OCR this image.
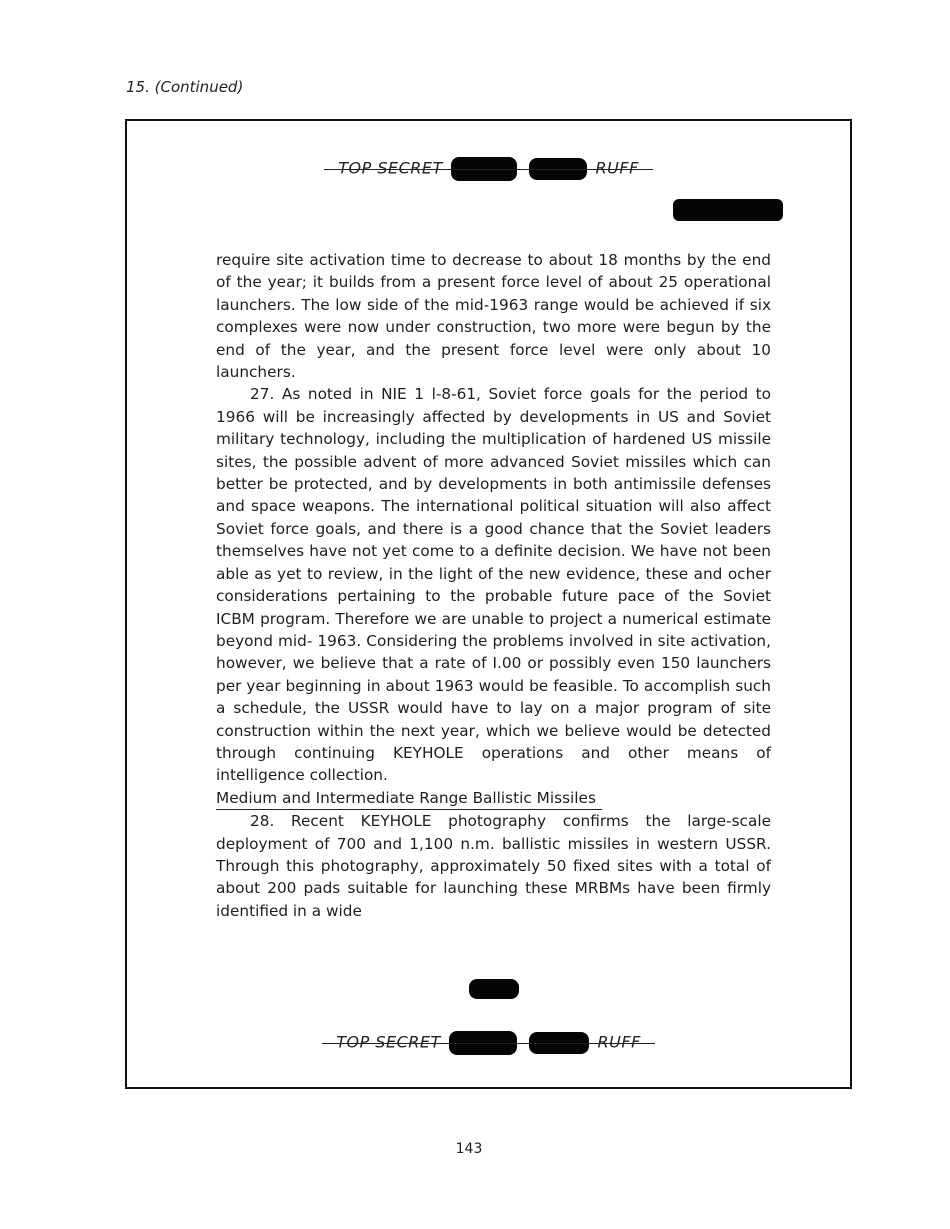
15. (Continued)
TOP SECRET	RUFF
TOP SECRET	RUFF

require site activation time to decrease to about 18 months by the end of the year; it builds from a present force level of about 25 operational launchers. The low side of the mid-1963 range would be achieved if six complexes were now under construction, two more were begun by the end of the year, and the present force level were only about 10 launchers.

27. As noted in NIE 1 l-8-61, Soviet force goals for the period to 1966 will be increasingly affected by developments in US and Soviet military technology, including the multiplication of hardened US missile sites, the possible advent of more advanced Soviet missiles which can better be protected, and by developments in both antimissile defenses and space weapons. The international political situation will also affect Soviet force goals, and there is a good chance that the Soviet leaders themselves have not yet come to a definite decision. We have not been able as yet to review, in the light of the new evidence, these and ocher considerations pertaining to the probable future pace of the Soviet ICBM program. Therefore we are unable to project a numerical estimate beyond mid- 1963. Considering the problems involved in site activation, however, we believe that a rate of I.00 or possibly even 150 launchers per year beginning in about 1963 would be feasible. To accomplish such a schedule, the USSR would have to lay on a major program of site construction within the next year, which we believe would be detected through continuing KEYHOLE operations and other means of intelligence collection.

Medium and Intermediate Range Ballistic Missiles

28. Recent KEYHOLE photography confirms the large-scale deployment of 700 and 1,100 n.m. ballistic missiles in western USSR. Through this photography, approximately 50 fixed sites with a total of about 200 pads suitable for launching these MRBMs have been firmly identified in a wide

143
